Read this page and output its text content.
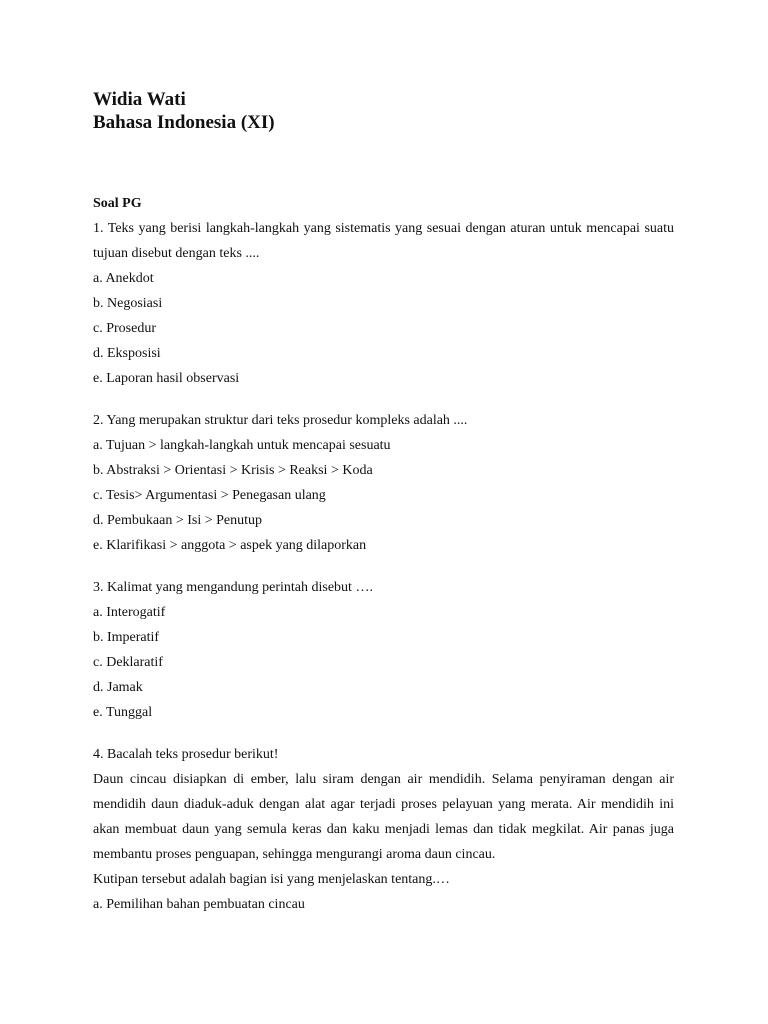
Widia Wati
Bahasa Indonesia (XI)
Soal PG
1. Teks yang berisi langkah-langkah yang sistematis yang sesuai dengan aturan untuk mencapai suatu tujuan disebut dengan teks ....
a. Anekdot
b. Negosiasi
c. Prosedur
d. Eksposisi
e. Laporan hasil observasi
2. Yang merupakan struktur dari teks prosedur kompleks adalah ....
a. Tujuan > langkah-langkah untuk mencapai sesuatu
b. Abstraksi > Orientasi > Krisis > Reaksi > Koda
c. Tesis> Argumentasi > Penegasan ulang
d. Pembukaan > Isi > Penutup
e. Klarifikasi > anggota > aspek yang dilaporkan
3. Kalimat yang mengandung perintah disebut ….
a. Interogatif
b. Imperatif
c. Deklaratif
d. Jamak
e. Tunggal
4. Bacalah teks prosedur berikut!
Daun cincau disiapkan di ember, lalu siram dengan air mendidih. Selama penyiraman dengan air mendidih daun diaduk-aduk dengan alat agar terjadi proses pelayuan yang merata. Air mendidih ini akan membuat daun yang semula keras dan kaku menjadi lemas dan tidak megkilat. Air panas juga membantu proses penguapan, sehingga mengurangi aroma daun cincau.
Kutipan tersebut adalah bagian isi yang menjelaskan tentang.…
a. Pemilihan bahan pembuatan cincau
